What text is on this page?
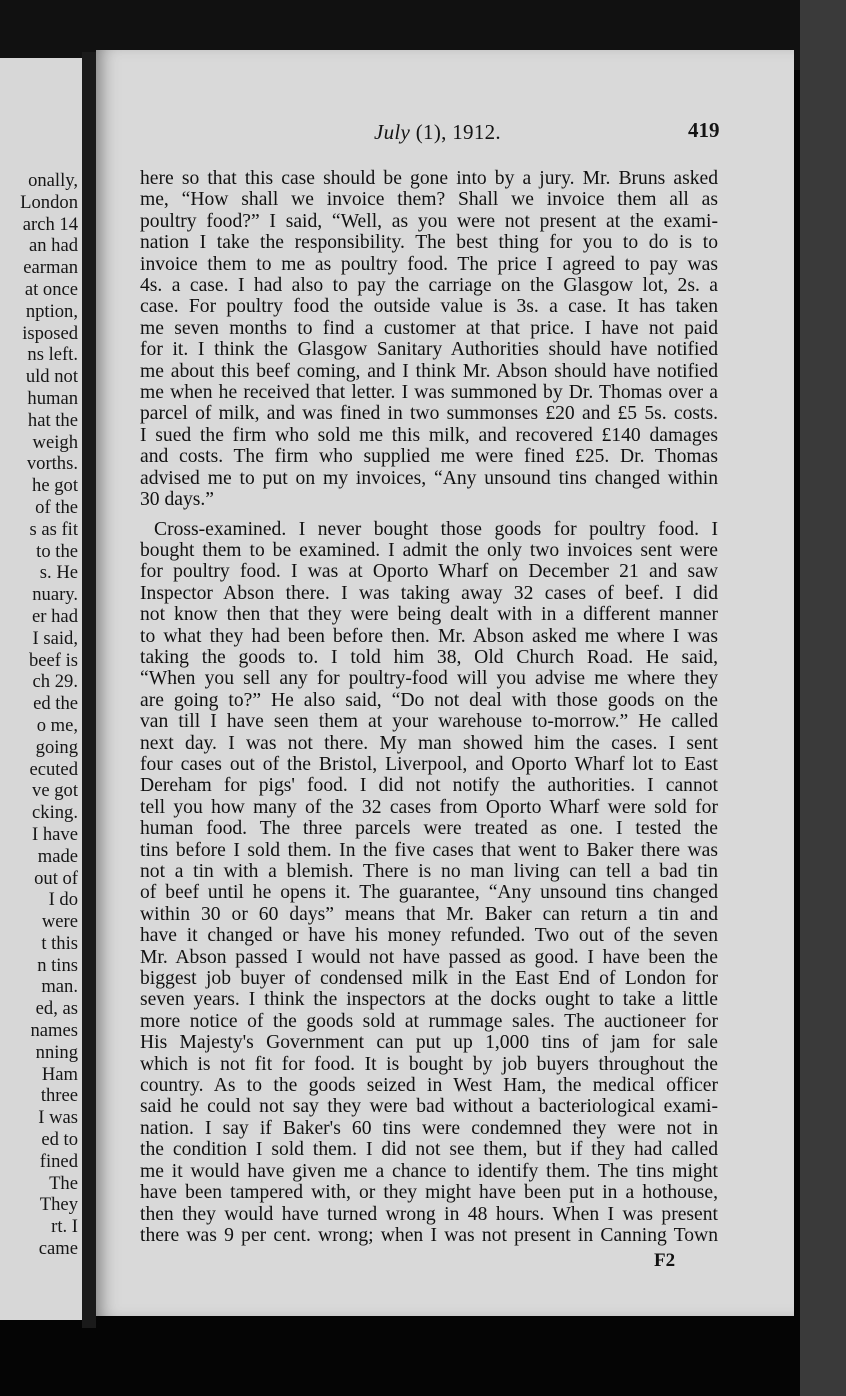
onally,
London
arch 14
an had
earman
at once
nption,
isposed
ns left.
uld not
human
hat the
weigh
vorths.
he got
of the
s as fit
to the
s. He
nuary.
er had
I said,
beef is
ch 29.
ed the
o me,
going
ecuted
ve got
cking.
I have
made
out of
I do
were
t this
n tins
man.
ed, as
names
nning
Ham
three
I was
ed to
fined
The
They
rt. I
came
July (1), 1912.	419
here so that this case should be gone into by a jury. Mr. Bruns asked
me, “How shall we invoice them? Shall we invoice them all as
poultry food?” I said, “Well, as you were not present at the exami-
nation I take the responsibility. The best thing for you to do is to
invoice them to me as poultry food. The price I agreed to pay was
4s. a case. I had also to pay the carriage on the Glasgow lot, 2s. a
case. For poultry food the outside value is 3s. a case. It has taken
me seven months to find a customer at that price. I have not paid
for it. I think the Glasgow Sanitary Authorities should have notified
me about this beef coming, and I think Mr. Abson should have notified
me when he received that letter. I was summoned by Dr. Thomas over a
parcel of milk, and was fined in two summonses £20 and £5 5s. costs.
I sued the firm who sold me this milk, and recovered £140 damages
and costs. The firm who supplied me were fined £25. Dr. Thomas
advised me to put on my invoices, “Any unsound tins changed within
30 days.”
Cross-examined. I never bought those goods for poultry food. I
bought them to be examined. I admit the only two invoices sent were
for poultry food. I was at Oporto Wharf on December 21 and saw
Inspector Abson there. I was taking away 32 cases of beef. I did
not know then that they were being dealt with in a different manner
to what they had been before then. Mr. Abson asked me where I was
taking the goods to. I told him 38, Old Church Road. He said,
“When you sell any for poultry-food will you advise me where they
are going to?” He also said, “Do not deal with those goods on the
van till I have seen them at your warehouse to-morrow.” He called
next day. I was not there. My man showed him the cases. I sent
four cases out of the Bristol, Liverpool, and Oporto Wharf lot to East
Dereham for pigs' food. I did not notify the authorities. I cannot
tell you how many of the 32 cases from Oporto Wharf were sold for
human food. The three parcels were treated as one. I tested the
tins before I sold them. In the five cases that went to Baker there was
not a tin with a blemish. There is no man living can tell a bad tin
of beef until he opens it. The guarantee, “Any unsound tins changed
within 30 or 60 days” means that Mr. Baker can return a tin and
have it changed or have his money refunded. Two out of the seven
Mr. Abson passed I would not have passed as good. I have been the
biggest job buyer of condensed milk in the East End of London for
seven years. I think the inspectors at the docks ought to take a little
more notice of the goods sold at rummage sales. The auctioneer for
His Majesty's Government can put up 1,000 tins of jam for sale
which is not fit for food. It is bought by job buyers throughout the
country. As to the goods seized in West Ham, the medical officer
said he could not say they were bad without a bacteriological exami-
nation. I say if Baker's 60 tins were condemned they were not in
the condition I sold them. I did not see them, but if they had called
me it would have given me a chance to identify them. The tins might
have been tampered with, or they might have been put in a hothouse,
then they would have turned wrong in 48 hours. When I was present
there was 9 per cent. wrong; when I was not present in Canning Town
F2
